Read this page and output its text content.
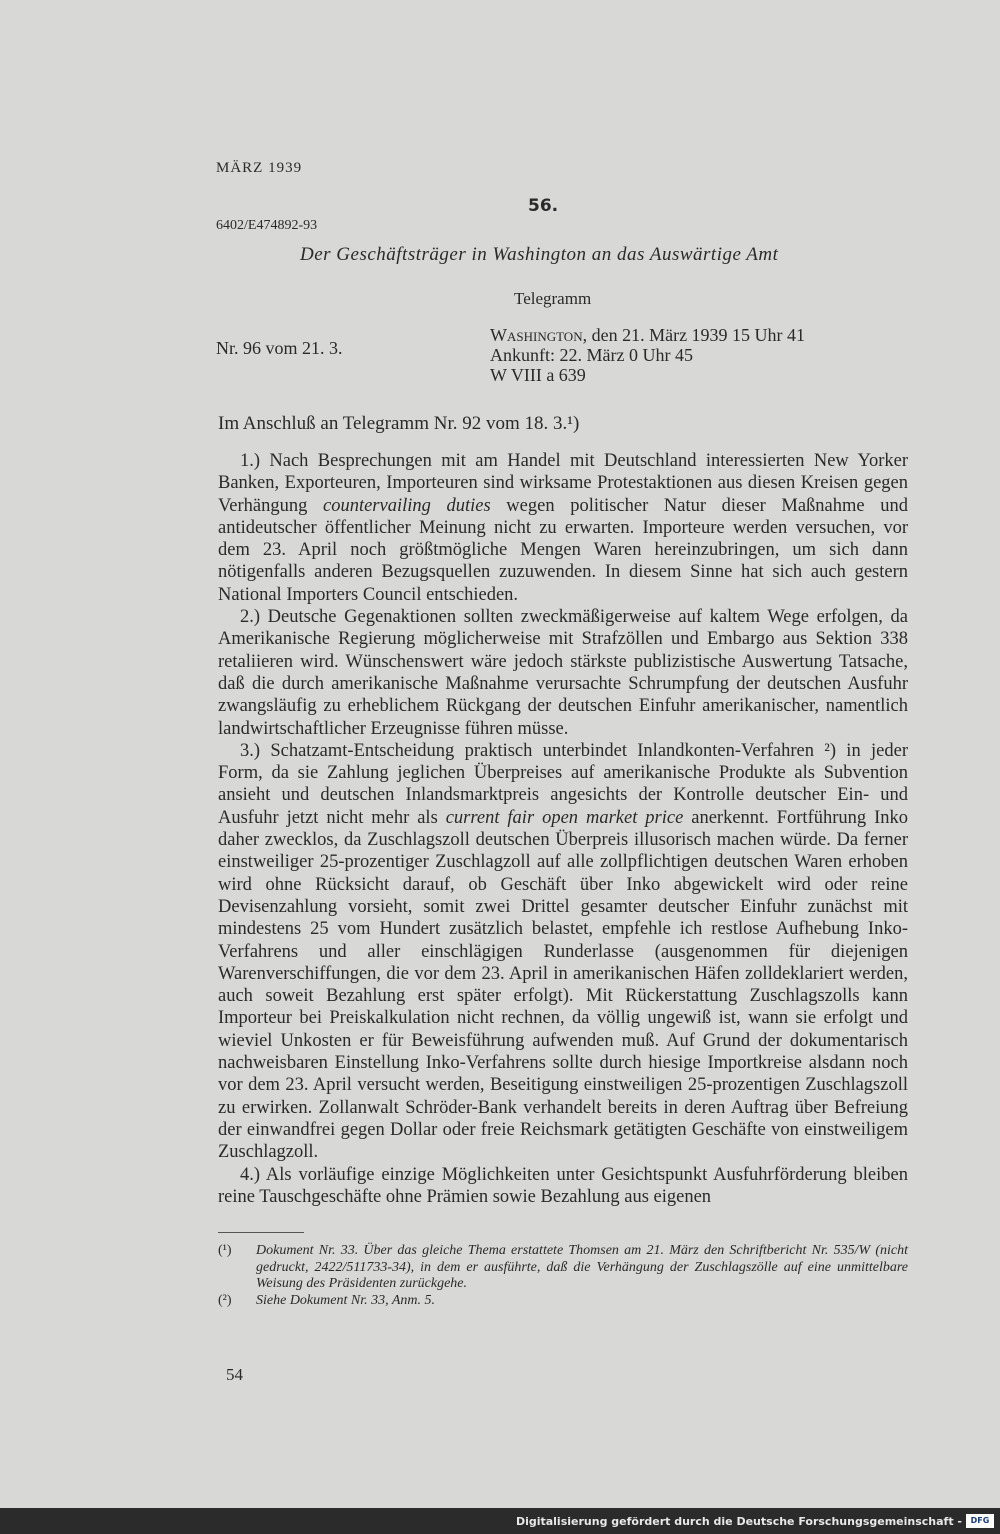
MÄRZ 1939
56.
6402/E474892-93
Der Geschäftsträger in Washington an das Auswärtige Amt
Telegramm
Nr. 96 vom 21. 3.
Washington, den 21. März 1939 15 Uhr 41
Ankunft: 22. März 0 Uhr 45
W VIII a 639
Im Anschluß an Telegramm Nr. 92 vom 18. 3.¹)

1.) Nach Besprechungen mit am Handel mit Deutschland interessierten New Yorker Banken, Exporteuren, Importeuren sind wirksame Protestaktionen aus diesen Kreisen gegen Verhängung countervailing duties wegen politischer Natur dieser Maßnahme und antideutscher öffentlicher Meinung nicht zu erwarten. Importeure werden versuchen, vor dem 23. April noch größtmögliche Mengen Waren hereinzubringen, um sich dann nötigenfalls anderen Bezugsquellen zuzuwenden. In diesem Sinne hat sich auch gestern National Importers Council entschieden.

2.) Deutsche Gegenaktionen sollten zweckmäßigerweise auf kaltem Wege erfolgen, da Amerikanische Regierung möglicherweise mit Strafzöllen und Embargo aus Sektion 338 retaliieren wird. Wünschenswert wäre jedoch stärkste publizistische Auswertung Tatsache, daß die durch amerikanische Maßnahme verursachte Schrumpfung der deutschen Ausfuhr zwangsläufig zu erheblichem Rückgang der deutschen Einfuhr amerikanischer, namentlich landwirtschaftlicher Erzeugnisse führen müsse.

3.) Schatzamt-Entscheidung praktisch unterbindet Inlandkonten-Verfahren ²) in jeder Form, da sie Zahlung jeglichen Überpreises auf amerikanische Produkte als Subvention ansieht und deutschen Inlandsmarktpreis angesichts der Kontrolle deutscher Ein- und Ausfuhr jetzt nicht mehr als current fair open market price anerkennt. Fortführung Inko daher zwecklos, da Zuschlagszoll deutschen Überpreis illusorisch machen würde. Da ferner einstweiliger 25-prozentiger Zuschlagzoll auf alle zollpflichtigen deutschen Waren erhoben wird ohne Rücksicht darauf, ob Geschäft über Inko abgewickelt wird oder reine Devisenzahlung vorsieht, somit zwei Drittel gesamter deutscher Einfuhr zunächst mit mindestens 25 vom Hundert zusätzlich belastet, empfehle ich restlose Aufhebung Inko-Verfahrens und aller einschlägigen Runderlasse (ausgenommen für diejenigen Warenverschiffungen, die vor dem 23. April in amerikanischen Häfen zolldeklariert werden, auch soweit Bezahlung erst später erfolgt). Mit Rückerstattung Zuschlagszolls kann Importeur bei Preiskalkulation nicht rechnen, da völlig ungewiß ist, wann sie erfolgt und wieviel Unkosten er für Beweisführung aufwenden muß. Auf Grund der dokumentarisch nachweisbaren Einstellung Inko-Verfahrens sollte durch hiesige Importkreise alsdann noch vor dem 23. April versucht werden, Beseitigung einstweiligen 25-prozentigen Zuschlagszoll zu erwirken. Zollanwalt Schröder-Bank verhandelt bereits in deren Auftrag über Befreiung der einwandfrei gegen Dollar oder freie Reichsmark getätigten Geschäfte von einstweiligem Zuschlagzoll.

4.) Als vorläufige einzige Möglichkeiten unter Gesichtspunkt Ausfuhrförderung bleiben reine Tauschgeschäfte ohne Prämien sowie Bezahlung aus eigenen

(¹)	Dokument Nr. 33. Über das gleiche Thema erstattete Thomsen am 21. März den Schriftbericht Nr. 535/W (nicht gedruckt, 2422/511733-34), in dem er ausführte, daß die Verhängung der Zuschlagszölle auf eine unmittelbare Weisung des Präsidenten zurückgehe.
(²)	Siehe Dokument Nr. 33, Anm. 5.
54
Digitalisierung gefördert durch die Deutsche Forschungsgemeinschaft -	DFG
